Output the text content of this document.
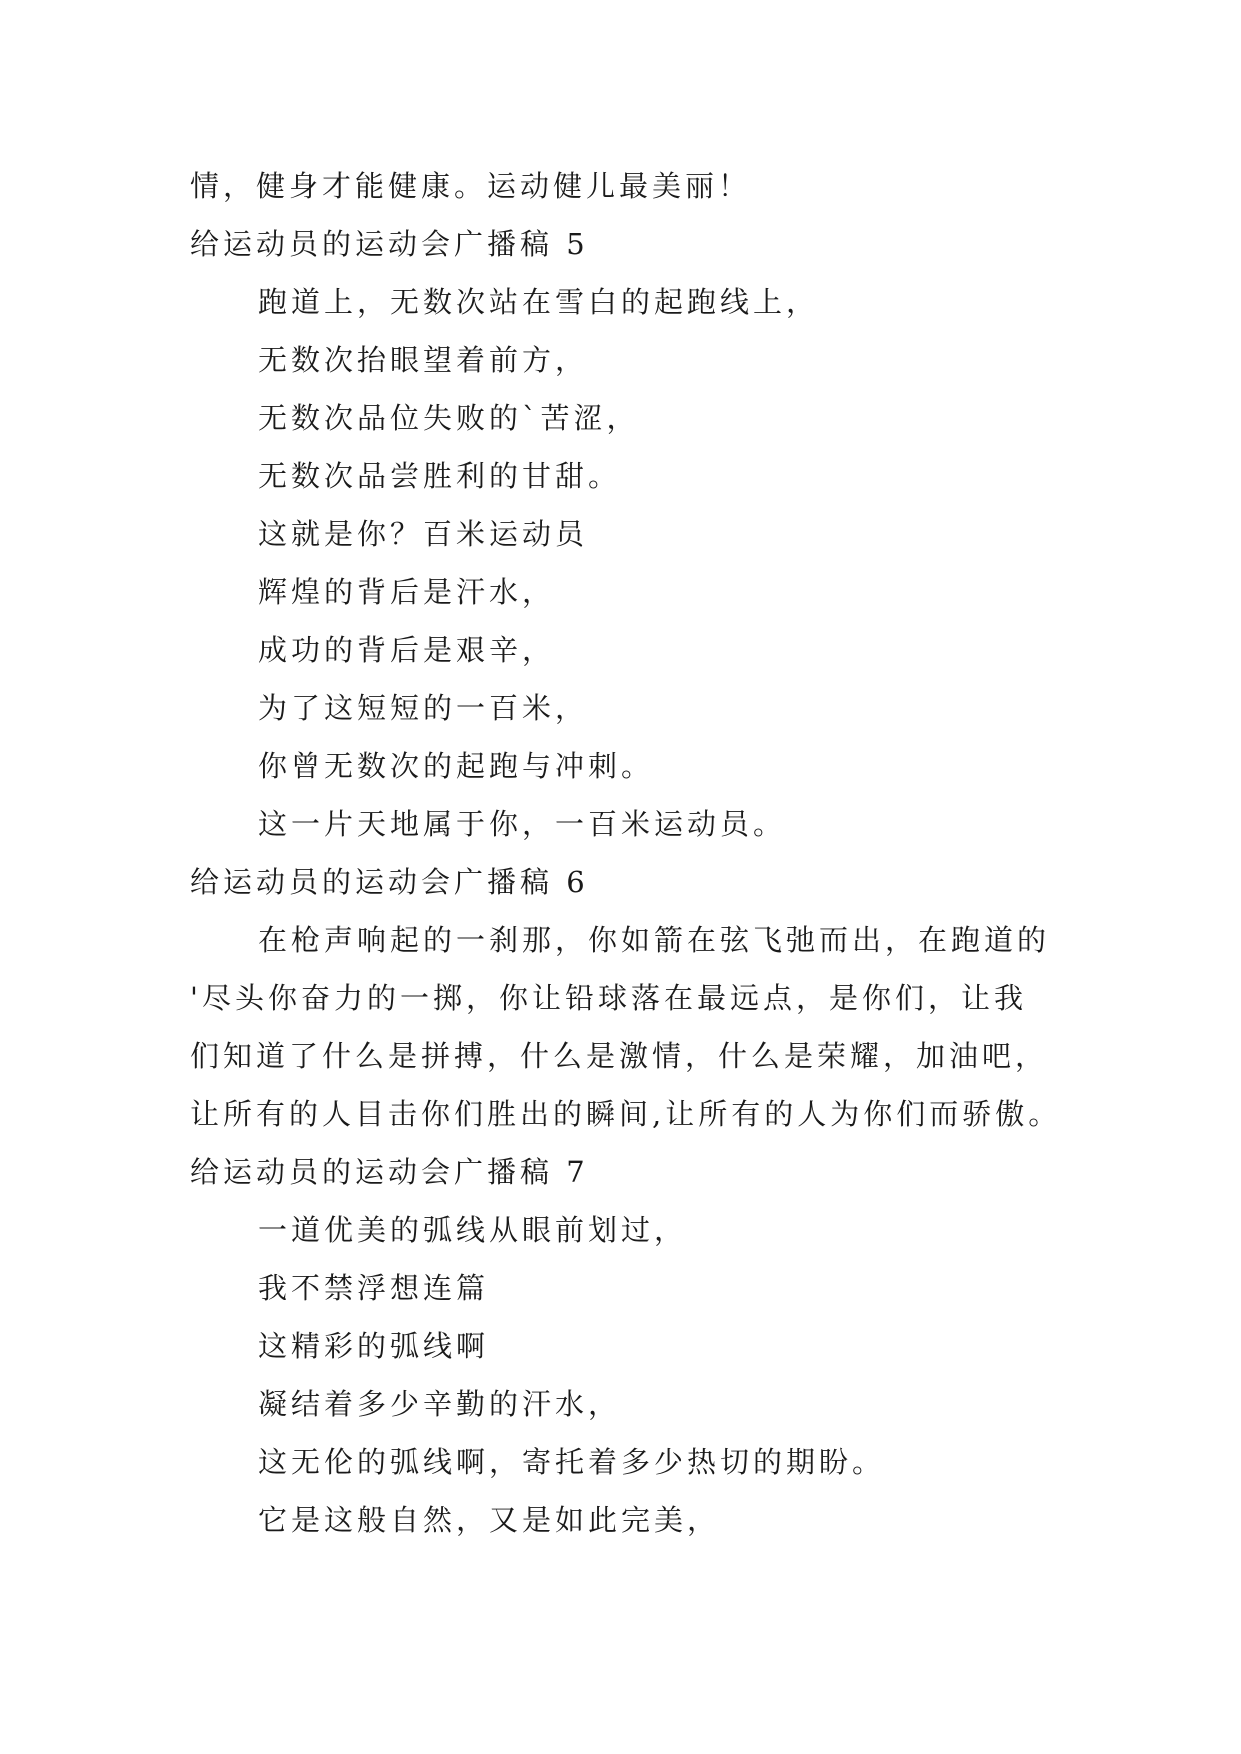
情，健身才能健康。运动健儿最美丽！
给运动员的运动会广播稿 5
跑道上，无数次站在雪白的起跑线上，
无数次抬眼望着前方，
无数次品位失败的`苦涩，
无数次品尝胜利的甘甜。
这就是你？百米运动员
辉煌的背后是汗水，
成功的背后是艰辛，
为了这短短的一百米，
你曾无数次的起跑与冲刺。
这一片天地属于你，一百米运动员。
给运动员的运动会广播稿 6
在枪声响起的一刹那，你如箭在弦飞弛而出，在跑道的
'尽头你奋力的一掷，你让铅球落在最远点，是你们，让我
们知道了什么是拼搏，什么是激情，什么是荣耀，加油吧，
让所有的人目击你们胜出的瞬间,让所有的人为你们而骄傲。
给运动员的运动会广播稿 7
一道优美的弧线从眼前划过，
我不禁浮想连篇
这精彩的弧线啊
凝结着多少辛勤的汗水，
这无伦的弧线啊，寄托着多少热切的期盼。
它是这般自然，又是如此完美，
